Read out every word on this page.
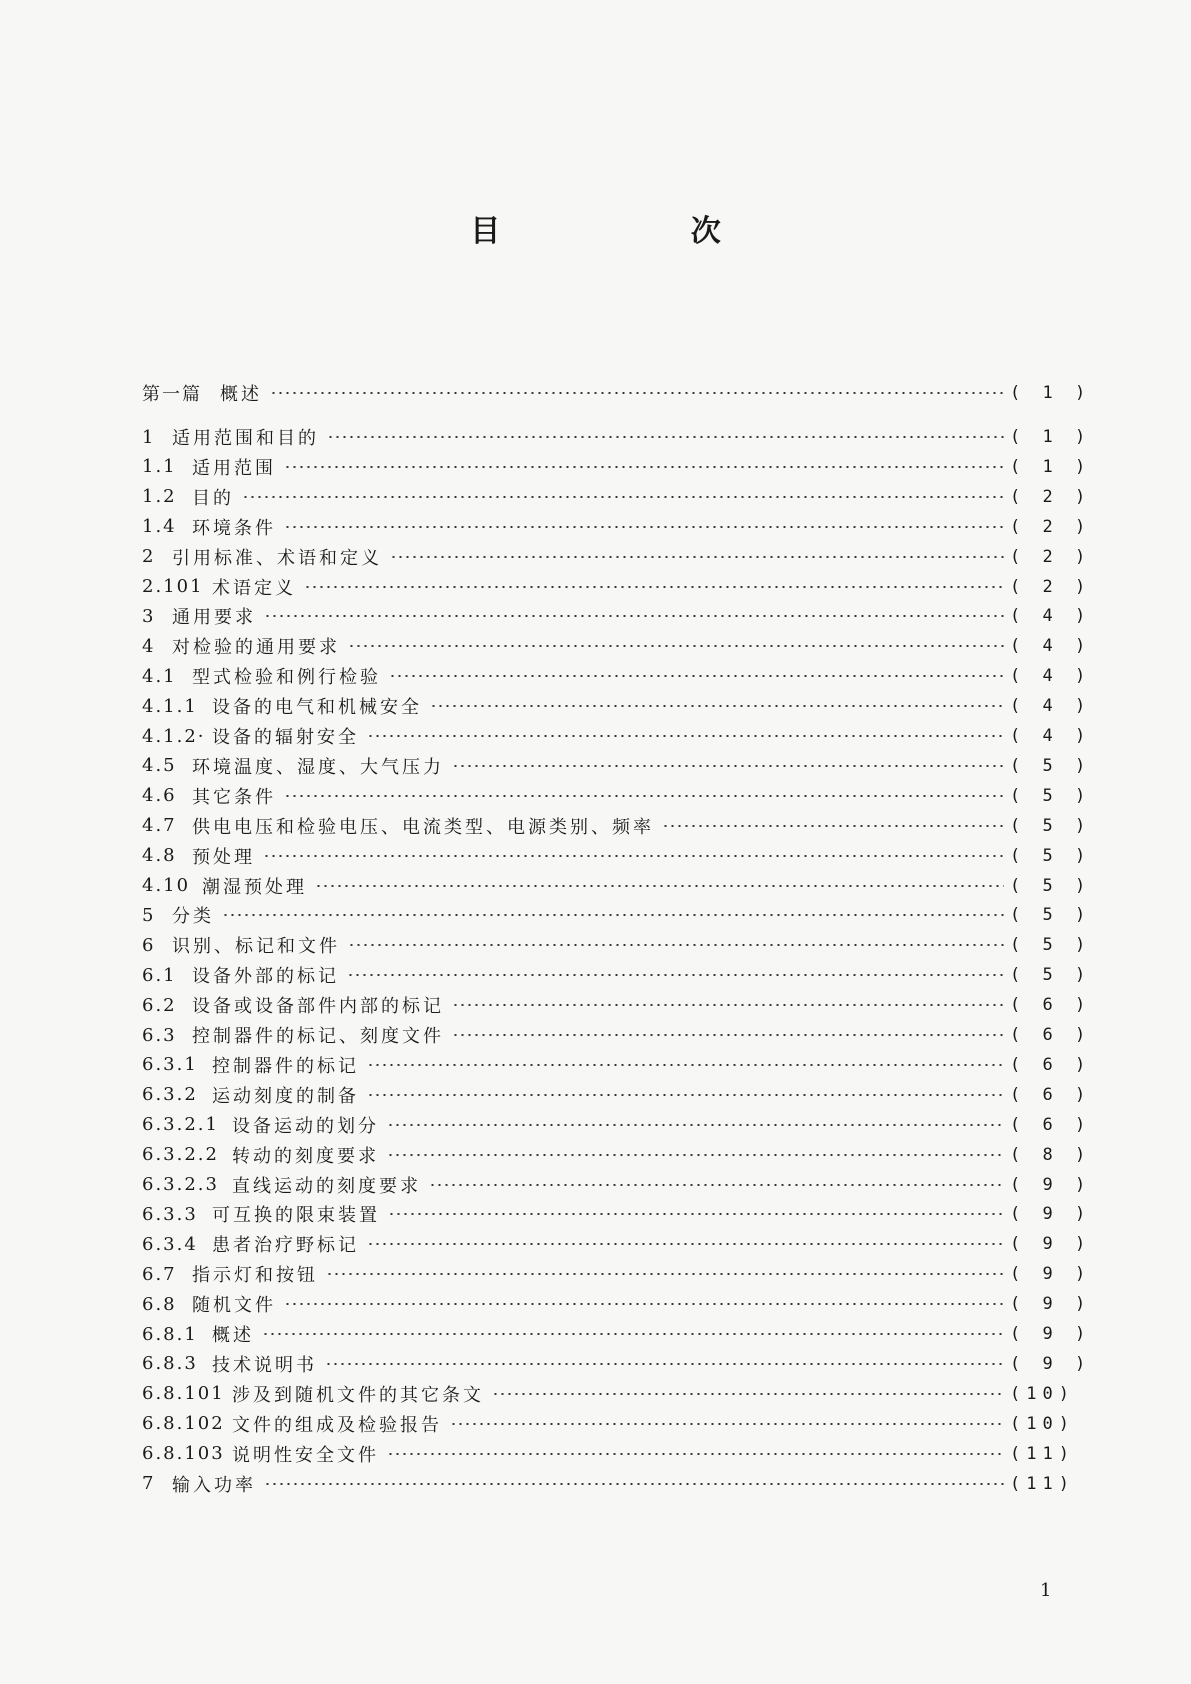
目 次
第一篇	概述	( 1 )
1 适用范围和目的	( 1 )
1.1 适用范围	( 1 )
1.2 目的	( 2 )
1.4 环境条件	( 2 )
2 引用标准、术语和定义	( 2 )
2.101 术语定义	( 2 )
3 通用要求	( 4 )
4 对检验的通用要求	( 4 )
4.1 型式检验和例行检验	( 4 )
4.1.1 设备的电气和机械安全	( 4 )
4.1.2· 设备的辐射安全	( 4 )
4.5 环境温度、湿度、大气压力	( 5 )
4.6 其它条件	( 5 )
4.7 供电电压和检验电压、电流类型、电源类别、频率	( 5 )
4.8 预处理	( 5 )
4.10 潮湿预处理	( 5 )
5 分类	( 5 )
6 识别、标记和文件	( 5 )
6.1 设备外部的标记	( 5 )
6.2 设备或设备部件内部的标记	( 6 )
6.3 控制器件的标记、刻度文件	( 6 )
6.3.1 控制器件的标记	( 6 )
6.3.2 运动刻度的制备	( 6 )
6.3.2.1 设备运动的划分	( 6 )
6.3.2.2 转动的刻度要求	( 8 )
6.3.2.3 直线运动的刻度要求	( 9 )
6.3.3 可互换的限束装置	( 9 )
6.3.4 患者治疗野标记	( 9 )
6.7 指示灯和按钮	( 9 )
6.8 随机文件	( 9 )
6.8.1 概述	( 9 )
6.8.3 技术说明书	( 9 )
6.8.101 涉及到随机文件的其它条文	(10)
6.8.102 文件的组成及检验报告	(10)
6.8.103 说明性安全文件	(11)
7 输入功率	(11)
1
